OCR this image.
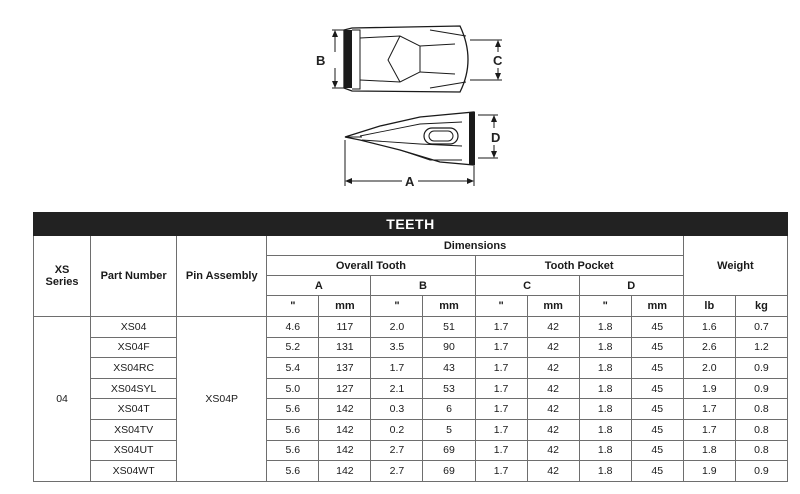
B	C
D
A
TEETH												
XS
Series	Part Number	Pin Assembly	Dimensions								Weight	
			Overall Tooth				Tooth Pocket					
			A		B		C		D			
			"	mm	"	mm	"	mm	"	mm	lb	kg
04	XS04	XS04P	4.6	117	2.0	51	1.7	42	1.8	45	1.6	0.7
	XS04F		5.2	131	3.5	90	1.7	42	1.8	45	2.6	1.2
	XS04RC		5.4	137	1.7	43	1.7	42	1.8	45	2.0	0.9
	XS04SYL		5.0	127	2.1	53	1.7	42	1.8	45	1.9	0.9
	XS04T		5.6	142	0.3	6	1.7	42	1.8	45	1.7	0.8
	XS04TV		5.6	142	0.2	5	1.7	42	1.8	45	1.7	0.8
	XS04UT		5.6	142	2.7	69	1.7	42	1.8	45	1.8	0.8
	XS04WT		5.6	142	2.7	69	1.7	42	1.8	45	1.9	0.9
